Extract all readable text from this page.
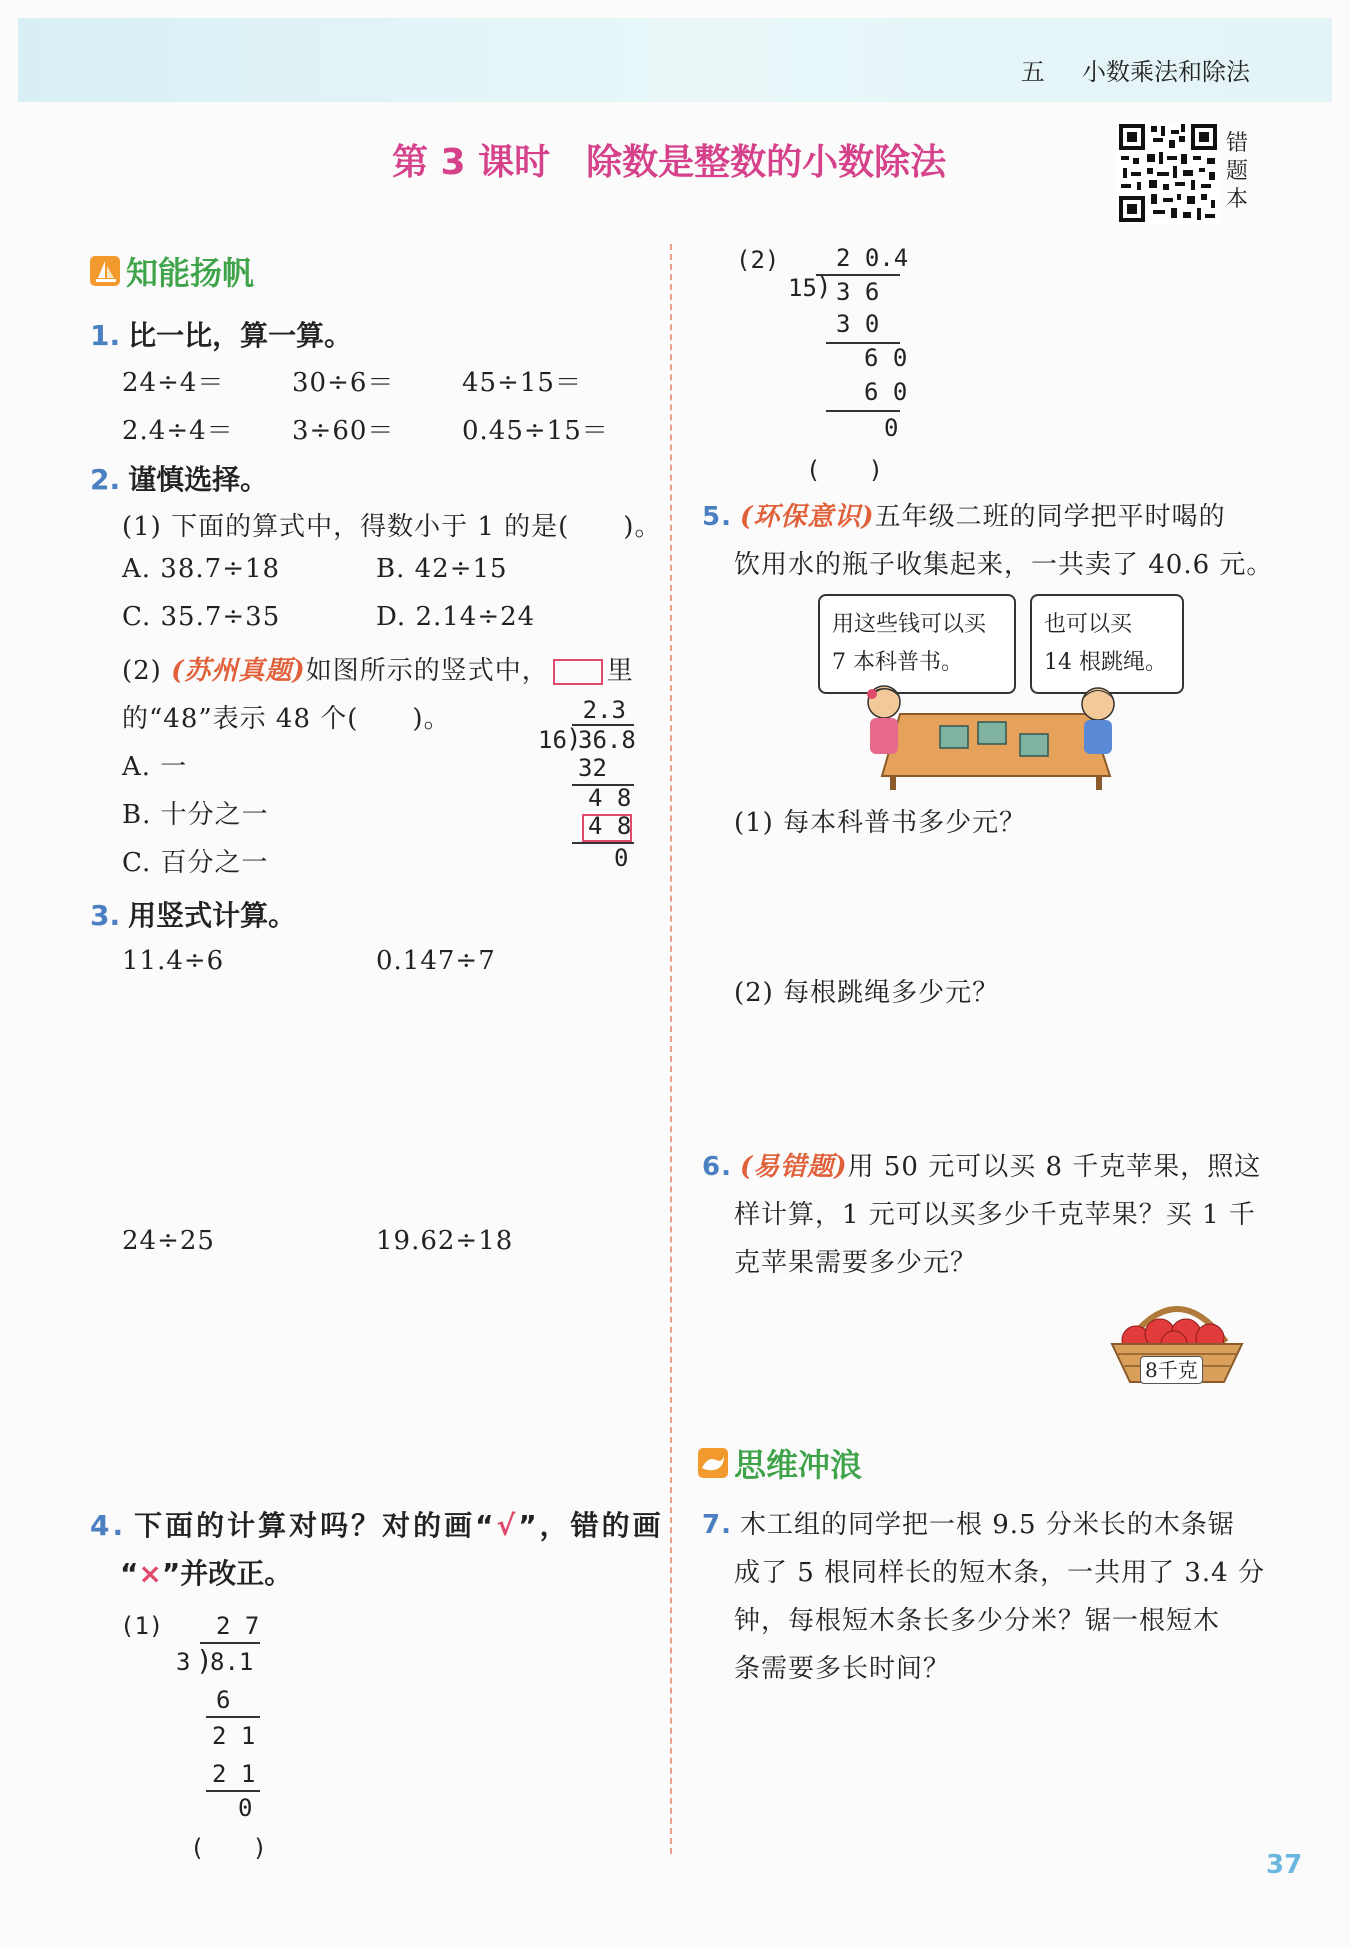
五 小数乘法和除法
第 3 课时　除数是整数的小数除法	错题本
知能扬帆
1. 比一比，算一算。
24÷4＝	30÷6＝	45÷15＝
2.4÷4＝ 3÷60＝	0.45÷15＝
2. 谨慎选择。
(1) 下面的算式中，得数小于 1 的是(　　)。
A. 38.7÷18	B. 42÷15
C. 35.7÷35	D. 2.14÷24
(2) (苏州真题)如图所示的竖式中， 里
的“48”表示 48 个(　　)。
A. 一
B. 十分之一
C. 百分之一
2.3
16 )
36.8
32
4 8
4 8
0
3. 用竖式计算。
11.4÷6	0.147÷7
24÷25	19.62÷18
4. 下面的计算对吗？对的画“√”，错的画
“×”并改正。
(1) 2 7
3 )
8.1
6
2 1
2 1
0
(　　)
(2) 2 0.4
15 ) 3 6
3 0
6 0
6 0
0
(　　)
5. (环保意识)五年级二班的同学把平时喝的
饮用水的瓶子收集起来，一共卖了 40.6 元。
用这些钱可以买
7 本科普书。
也可以买
14 根跳绳。
(1) 每本科普书多少元？
(2) 每根跳绳多少元？
6. (易错题)用 50 元可以买 8 千克苹果，照这
样计算，1 元可以买多少千克苹果？买 1 千
克苹果需要多少元？
8千克
思维冲浪
7. 木工组的同学把一根 9.5 分米长的木条锯
成了 5 根同样长的短木条，一共用了 3.4 分
钟，每根短木条长多少分米？锯一根短木
条需要多长时间？
37
